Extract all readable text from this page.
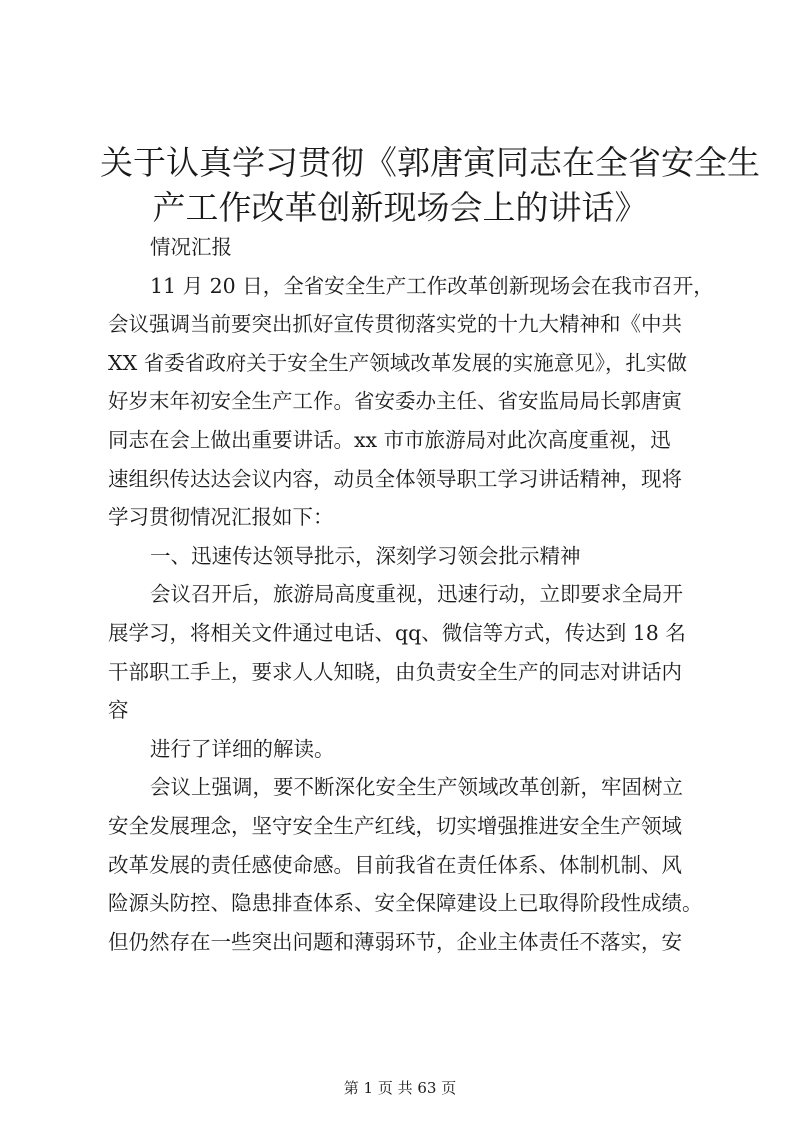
关于认真学习贯彻《郭唐寅同志在全省安全生
产工作改革创新现场会上的讲话》

情况汇报

11 月 20 日，全省安全生产工作改革创新现场会在我市召开，
会议强调当前要突出抓好宣传贯彻落实党的十九大精神和《中共
XX 省委省政府关于安全生产领域改革发展的实施意见》，扎实做
好岁末年初安全生产工作。省安委办主任、省安监局局长郭唐寅
同志在会上做出重要讲话。xx 市市旅游局对此次高度重视，迅
速组织传达达会议内容，动员全体领导职工学习讲话精神，现将
学习贯彻情况汇报如下：

一、迅速传达领导批示，深刻学习领会批示精神

会议召开后，旅游局高度重视，迅速行动，立即要求全局开
展学习，将相关文件通过电话、qq、微信等方式，传达到 18 名
干部职工手上，要求人人知晓，由负责安全生产的同志对讲话内
容

进行了详细的解读。

会议上强调，要不断深化安全生产领域改革创新，牢固树立
安全发展理念，坚守安全生产红线，切实增强推进安全生产领域
改革发展的责任感使命感。目前我省在责任体系、体制机制、风
险源头防控、隐患排查体系、安全保障建设上已取得阶段性成绩。
但仍然存在一些突出问题和薄弱环节，企业主体责任不落实，安

第 1 页 共 63 页
